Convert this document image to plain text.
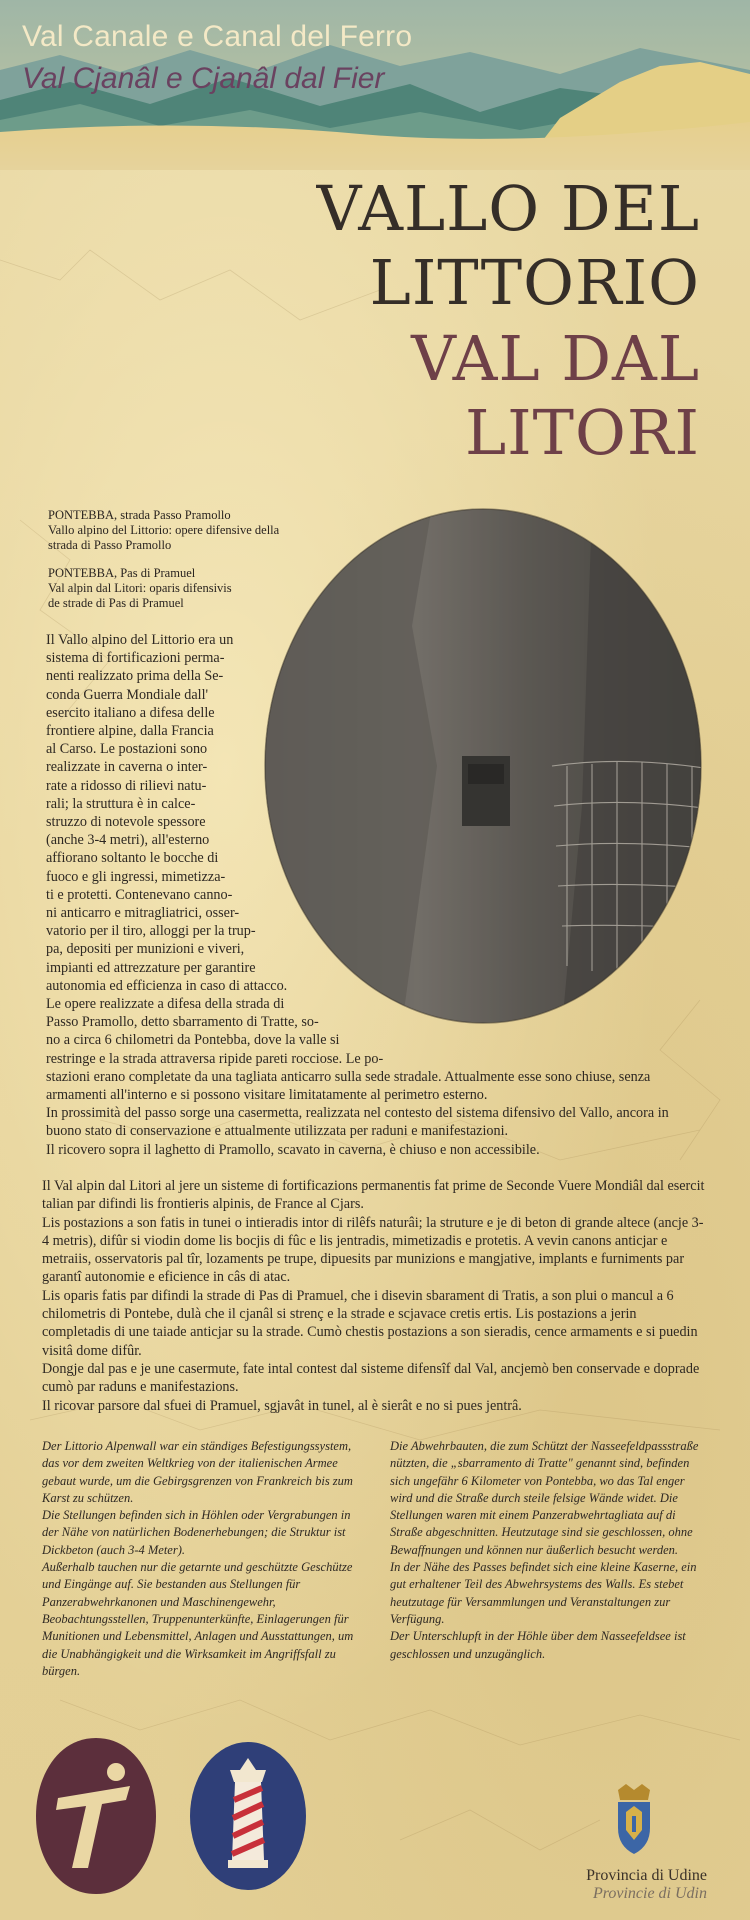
Val Canale e Canal del Ferro
Val Cjanâl e Cjanâl dal Fier
VALLO DEL
LITTORIO
VAL DAL
LITORI

PONTEBBA, strada Passo Pramollo
Vallo alpino del Littorio: opere difensive della
strada di Passo Pramollo

PONTEBBA, Pas di Pramuel
Val alpin dal Litori: oparis difensivis
de strade di Pas di Pramuel

Il Vallo alpino del Littorio era un
sistema di fortificazioni perma-
nenti realizzato prima della Se-
conda Guerra Mondiale dall'
esercito italiano a difesa delle
frontiere alpine, dalla Francia
al Carso. Le postazioni sono
realizzate in caverna o inter-
rate a ridosso di rilievi natu-
rali; la struttura è in calce-
struzzo di notevole spessore
(anche 3-4 metri), all'esterno
affiorano soltanto le bocche di
fuoco e gli ingressi, mimetizza-
ti e protetti. Contenevano canno-
ni anticarro e mitragliatrici, osser-
vatorio per il tiro, alloggi per la trup-
pa, depositi per munizioni e viveri,
impianti ed attrezzature per garantire
autonomia ed efficienza in caso di attacco.
Le opere realizzate a difesa della strada di
Passo Pramollo, detto sbarramento di Tratte, so-
no a circa 6 chilometri da Pontebba, dove la valle si
restringe e la strada attraversa ripide pareti rocciose. Le po-

stazioni erano completate da una tagliata anticarro sulla sede stradale. Attualmente esse sono chiuse, senza armamenti all'interno e si possono visitare limitatamente al perimetro esterno.

In prossimità del passo sorge una casermetta, realizzata nel contesto del sistema difensivo del Vallo, ancora in buono stato di conservazione e attualmente utilizzata per raduni e manifestazioni.

Il ricovero sopra il laghetto di Pramollo, scavato in caverna, è chiuso e non accessibile.

Il Val alpin dal Litori al jere un sisteme di fortificazions permanentis fat prime de Seconde Vuere Mondiâl dal esercit talian par difindi lis frontieris alpinis, de France al Cjars.

Lis postazions a son fatis in tunei o intieradis intor di rilêfs naturâi; la struture e je di beton di grande altece (ancje 3-4 metris), difûr si viodin dome lis bocjis di fûc e lis jentradis, mimetizadis e protetis. A vevin canons anticjar e metraiis, osservatoris pal tîr, lozaments pe trupe, dipuesits par munizions e mangjative, implants e furniments par garantî autonomie e eficience in câs di atac.

Lis oparis fatis par difindi la strade di Pas di Pramuel, che i disevin sbarament di Tratis, a son plui o mancul a 6 chilometris di Pontebe, dulà che il cjanâl si strenç e la strade e scjavace cretis ertis. Lis postazions a jerin completadis di une taiade anticjar su la strade. Cumò chestis postazions a son sieradis, cence armaments e si puedin visitâ dome difûr.

Dongje dal pas e je une casermute, fate intal contest dal sisteme difensîf dal Val, ancjemò ben conservade e doprade cumò par raduns e manifestazions.

Il ricovar parsore dal sfuei di Pramuel, sgjavât in tunel, al è sierât e no si pues jentrâ.

Der Littorio Alpenwall war ein ständiges Befestigungssystem, das vor dem zweiten Weltkrieg von der italienischen Armee gebaut wurde, um die Gebirgsgrenzen von Frankreich bis zum Karst zu schützen.

Die Stellungen befinden sich in Höhlen oder Vergrabungen in der Nähe von natürlichen Bodenerhebungen; die Struktur ist Dickbeton (auch 3-4 Meter).

Außerhalb tauchen nur die getarnte und geschützte Geschütze und Eingänge auf. Sie bestanden aus Stellungen für Panzerabwehrkanonen und Maschinengewehr, Beobachtungsstellen, Truppenunterkünfte, Einlagerungen für Munitionen und Lebensmittel, Anlagen und Ausstattungen, um die Unabhängigkeit und die Wirksamkeit im Angriffsfall zu bürgen.

Die Abwehrbauten, die zum Schützt der Nasseefeldpassstraße nützten, die „sbarramento di Tratte" genannt sind, befinden sich ungefähr 6 Kilometer von Pontebba, wo das Tal enger wird und die Straße durch steile felsige Wände widet. Die Stellungen waren mit einem Panzerabwehrtagliata auf di Straße abgeschnitten. Heutzutage sind sie geschlossen, ohne Bewaffnungen und können nur äußerlich besucht werden.

In der Nähe des Passes befindet sich eine kleine Kaserne, ein gut erhaltener Teil des Abwehrsystems des Walls. Es stebet heutzutage für Versammlungen und Veranstaltungen zur Verfügung.

Der Unterschlupft in der Höhle über dem Nasseefeldsee ist geschlossen und unzugänglich.

Provincia di Udine
Provincie di Udin
